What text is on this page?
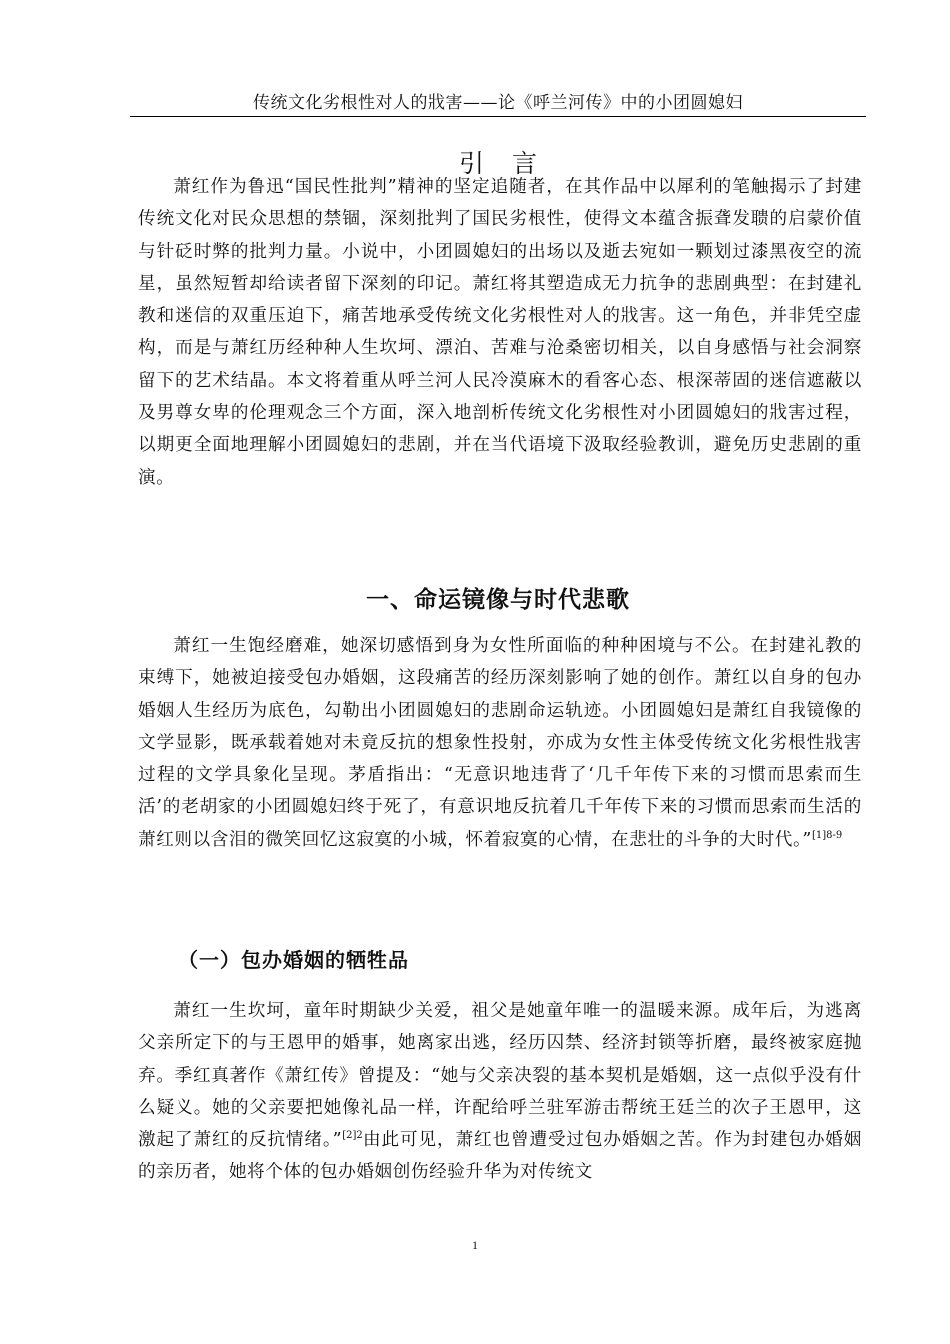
传统文化劣根性对人的戕害——论《呼兰河传》中的小团圆媳妇
引言

萧红作为鲁迅“国民性批判”精神的坚定追随者，在其作品中以犀利的笔触揭示了封建传统文化对民众思想的禁锢，深刻批判了国民劣根性，使得文本蕴含振聋发聩的启蒙价值与针砭时弊的批判力量。小说中，小团圆媳妇的出场以及逝去宛如一颗划过漆黑夜空的流星，虽然短暂却给读者留下深刻的印记。萧红将其塑造成无力抗争的悲剧典型：在封建礼教和迷信的双重压迫下，痛苦地承受传统文化劣根性对人的戕害。这一角色，并非凭空虚构，而是与萧红历经种种人生坎坷、漂泊、苦难与沧桑密切相关，以自身感悟与社会洞察留下的艺术结晶。本文将着重从呼兰河人民冷漠麻木的看客心态、根深蒂固的迷信遮蔽以及男尊女卑的伦理观念三个方面，深入地剖析传统文化劣根性对小团圆媳妇的戕害过程，以期更全面地理解小团圆媳妇的悲剧，并在当代语境下汲取经验教训，避免历史悲剧的重演。

一、命运镜像与时代悲歌

萧红一生饱经磨难，她深切感悟到身为女性所面临的种种困境与不公。在封建礼教的束缚下，她被迫接受包办婚姻，这段痛苦的经历深刻影响了她的创作。萧红以自身的包办婚姻人生经历为底色，勾勒出小团圆媳妇的悲剧命运轨迹。小团圆媳妇是萧红自我镜像的文学显影，既承载着她对未竟反抗的想象性投射，亦成为女性主体受传统文化劣根性戕害过程的文学具象化呈现。茅盾指出：“无意识地违背了‘几千年传下来的习惯而思索而生活’的老胡家的小团圆媳妇终于死了，有意识地反抗着几千年传下来的习惯而思索而生活的萧红则以含泪的微笑回忆这寂寞的小城，怀着寂寞的心情，在悲壮的斗争的大时代。”$^{[1]8-9}$

（一）包办婚姻的牺牲品

萧红一生坎坷，童年时期缺少关爱，祖父是她童年唯一的温暖来源。成年后，为逃离父亲所定下的与王恩甲的婚事，她离家出逃，经历囚禁、经济封锁等折磨，最终被家庭抛弃。季红真著作《萧红传》曾提及：“她与父亲决裂的基本契机是婚姻，这一点似乎没有什么疑义。她的父亲要把她像礼品一样，许配给呼兰驻军游击帮统王廷兰的次子王恩甲，这激起了萧红的反抗情绪。”$^{[2]2}$由此可见，萧红也曾遭受过包办婚姻之苦。作为封建包办婚姻的亲历者，她将个体的包办婚姻创伤经验升华为对传统文

1
